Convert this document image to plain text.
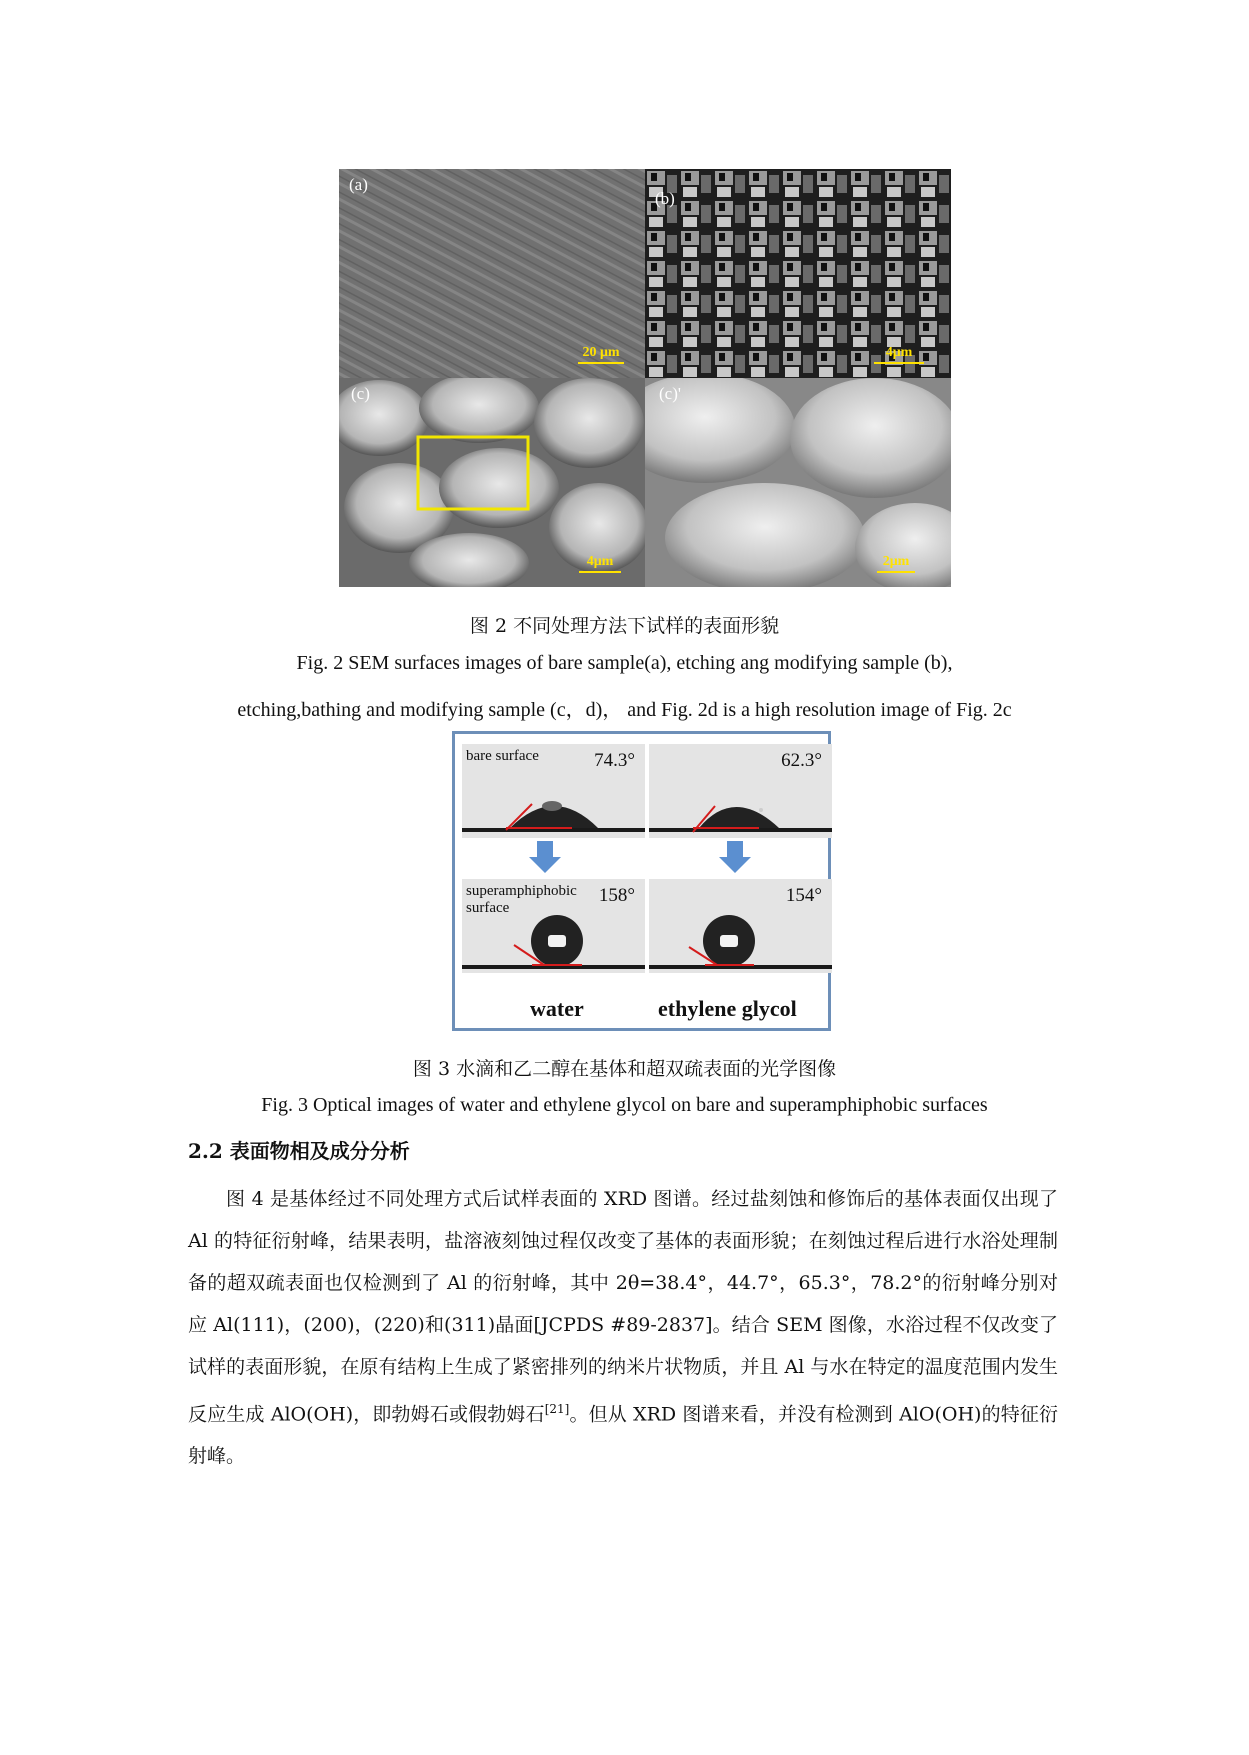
(a)
20 μm
(b)
4μm
(c)
4μm
(c)'
2μm
图 2 不同处理方法下试样的表面形貌
Fig. 2 SEM surfaces images of bare sample(a), etching ang modifying sample (b),
etching,bathing and modifying sample (c，d)， and Fig. 2d is a high resolution image of Fig. 2c
bare surface	74.3°	62.3°
superamphiphobic surface
158°	154°
water	ethylene glycol
图 3 水滴和乙二醇在基体和超双疏表面的光学图像
Fig. 3 Optical images of water and ethylene glycol on bare and superamphiphobic surfaces
2.2 表面物相及成分分析

图 4 是基体经过不同处理方式后试样表面的 XRD 图谱。经过盐刻蚀和修饰后的基体表面仅出现了 Al 的特征衍射峰，结果表明，盐溶液刻蚀过程仅改变了基体的表面形貌；在刻蚀过程后进行水浴处理制备的超双疏表面也仅检测到了 Al 的衍射峰，其中 2θ=38.4°，44.7°，65.3°，78.2°的衍射峰分别对应 Al(111)，(200)，(220)和(311)晶面[JCPDS #89-2837]。结合 SEM 图像，水浴过程不仅改变了试样的表面形貌，在原有结构上生成了紧密排列的纳米片状物质，并且 Al 与水在特定的温度范围内发生反应生成 AlO(OH)，即勃姆石或假勃姆石[21]。但从 XRD 图谱来看，并没有检测到 AlO(OH)的特征衍射峰。
